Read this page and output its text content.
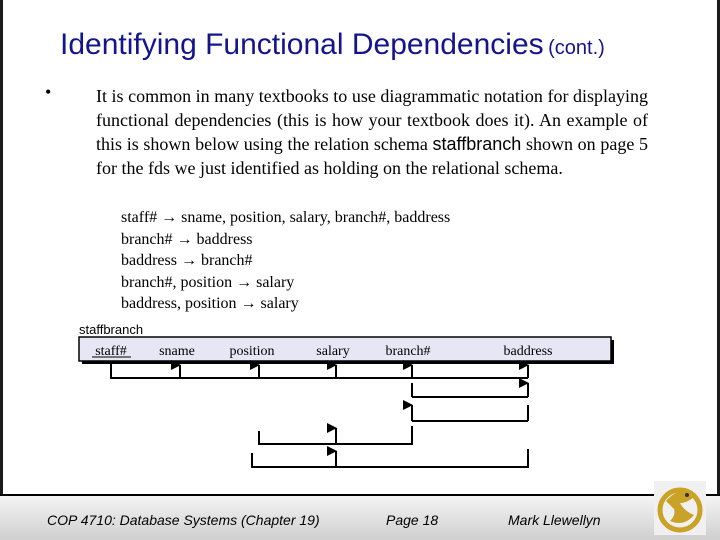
Identifying Functional Dependencies (cont.)
• It is common in many textbooks to use diagrammatic notation for displaying functional dependencies (this is how your textbook does it). An example of this is shown below using the relation schema staffbranch shown on page 5 for the fds we just identified as holding on the relational schema.
staff# → sname, position, salary, branch#, baddress
branch# → baddress
baddress → branch#
branch#, position → salary
baddress, position → salary
staffbranch
staff# sname position	salary	branch#	baddress
COP 4710: Database Systems (Chapter 19)	Page 18	Mark Llewellyn
